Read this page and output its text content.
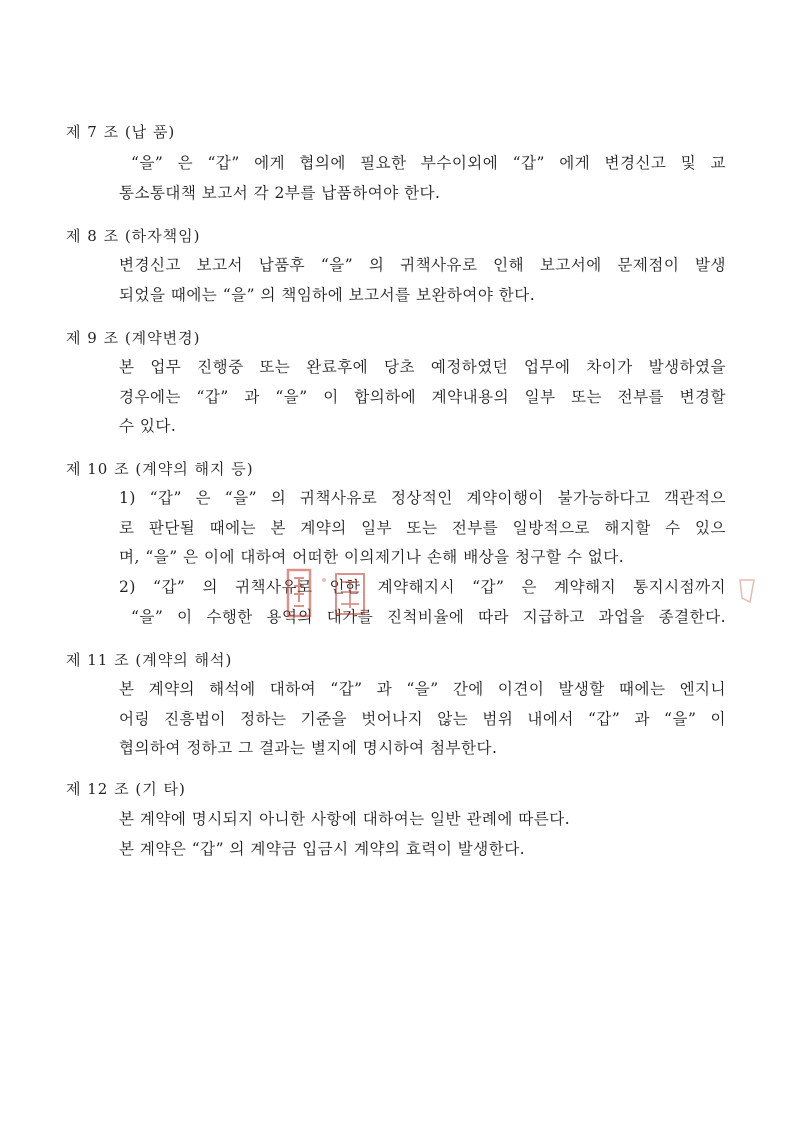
제 7 조 (납 품)
“을” 은 “갑” 에게 협의에 필요한 부수이외에 “갑” 에게 변경신고 및 교
통소통대책 보고서 각 2부를 납품하여야 한다.
제 8 조 (하자책임)
변경신고 보고서 납품후 “을” 의 귀책사유로 인해 보고서에 문제점이 발생
되었을 때에는 “을” 의 책임하에 보고서를 보완하여야 한다.
제 9 조 (계약변경)
본 업무 진행중 또는 완료후에 당초 예정하였던 업무에 차이가 발생하였을
경우에는 “갑” 과 “을” 이 합의하에 계약내용의 일부 또는 전부를 변경할
수 있다.
제 10 조 (계약의 해지 등)
1) “갑” 은 “을” 의 귀책사유로 정상적인 계약이행이 불가능하다고 객관적으
로 판단될 때에는 본 계약의 일부 또는 전부를 일방적으로 해지할 수 있으
며, “을” 은 이에 대하여 어떠한 이의제기나 손해 배상을 청구할 수 없다.
2) “갑” 의 귀책사유로 인한 계약해지시 “갑” 은 계약해지 통지시점까지
“을” 이 수행한 용역의 대가를 진척비율에 따라 지급하고 과업을 종결한다.
제 11 조 (계약의 해석)
본 계약의 해석에 대하여 “갑” 과 “을” 간에 이견이 발생할 때에는 엔지니
어링 진흥법이 정하는 기준을 벗어나지 않는 범위 내에서 “갑” 과 “을” 이
협의하여 정하고 그 결과는 별지에 명시하여 첨부한다.
제 12 조 (기 타)
본 계약에 명시되지 아니한 사항에 대하여는 일반 관례에 따른다.
본 계약은 “갑” 의 계약금 입금시 계약의 효력이 발생한다.
